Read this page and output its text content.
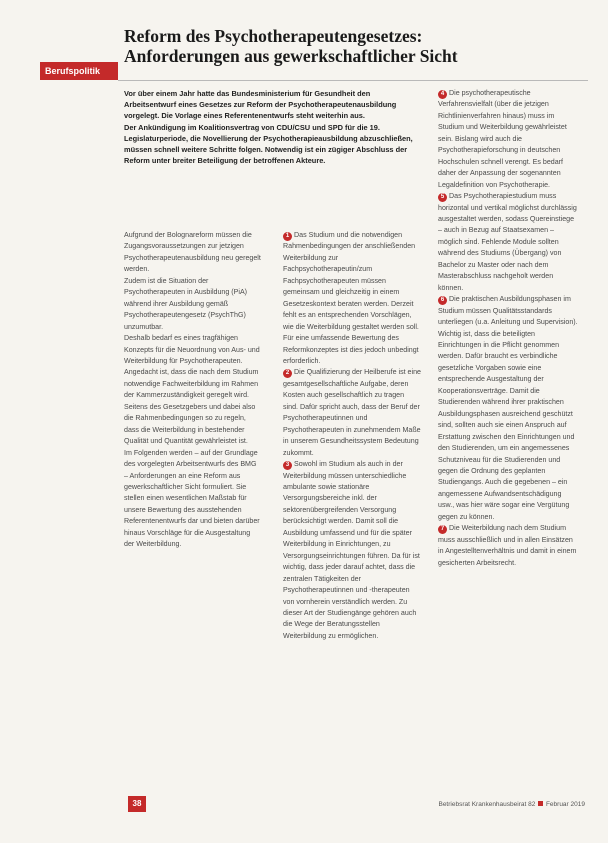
Reform des Psychotherapeutengesetzes:
Anforderungen aus gewerkschaftlicher Sicht
Berufspolitik

Vor über einem Jahr hatte das Bundesministerium für Gesundheit den Arbeitsentwurf eines Gesetzes zur Reform der Psychotherapeutenausbildung vorgelegt. Die Vorlage eines Referentenentwurfs steht weiterhin aus.

Der Ankündigung im Koalitionsvertrag von CDU/CSU und SPD für die 19. Legislaturperiode, die Novellierung der Psychotherapieausbildung abzuschließen, müssen schnell weitere Schritte folgen. Notwendig ist ein zügiger Abschluss der Reform unter breiter Beteiligung der betroffenen Akteure.

Aufgrund der Bolognareform müssen die Zugangsvoraussetzungen zur jetzigen Psychotherapeutenausbildung neu geregelt werden.

Zudem ist die Situation der Psychotherapeuten in Ausbildung (PiA) während ihrer Ausbildung gemäß Psychotherapeutengesetz (PsychThG) unzumutbar.

Deshalb bedarf es eines tragfähigen Konzepts für die Neuordnung von Aus- und Weiterbildung für Psychotherapeuten. Angedacht ist, dass die nach dem Studium notwendige Fachweiterbildung im Rahmen der Kammerzuständigkeit geregelt wird. Seitens des Gesetzgebers und dabei also die Rahmenbedingungen so zu regeln, dass die Weiterbildung in bestehender Qualität und Quantität gewährleistet ist.

Im Folgenden werden – auf der Grundlage des vorgelegten Arbeitsentwurfs des BMG – Anforderungen an eine Reform aus gewerkschaftlicher Sicht formuliert. Sie stellen einen wesentlichen Maßstab für unsere Bewertung des ausstehenden Referentenentwurfs dar und bieten darüber hinaus Vorschläge für die Ausgestaltung der Weiterbildung.

1 Das Studium und die notwendigen Rahmenbedingungen der anschließenden Weiterbildung zur Fachpsychotherapeutin/zum Fachpsychotherapeuten müssen gemeinsam und gleichzeitig in einem Gesetzeskontext beraten werden. Derzeit fehlt es an entsprechenden Vorschlägen, wie die Weiterbildung gestaltet werden soll. Für eine umfassende Bewertung des Reformkonzeptes ist dies jedoch unbedingt erforderlich.

2 Die Qualifizierung der Heilberufe ist eine gesamtgesellschaftliche Aufgabe, deren Kosten auch gesellschaftlich zu tragen sind. Dafür spricht auch, dass der Beruf der Psychotherapeutinnen und Psychotherapeuten in zunehmendem Maße in unserem Gesundheitssystem Bedeutung zukommt.

3 Sowohl im Studium als auch in der Weiterbildung müssen unterschiedliche ambulante sowie stationäre Versorgungsbereiche inkl. der sektorenübergreifenden Versorgung berücksichtigt werden. Damit soll die Ausbildung umfassend und für die später Weiterbildung in Einrichtungen, zu Versorgungseinrichtungen führen. Da für ist wichtig, dass jeder darauf achtet, dass die zentralen Tätigkeiten der Psychotherapeutinnen und -therapeuten von vornherein verständlich werden. Zu dieser Art der Studiengänge gehören auch die Wege der Beratungsstellen Weiterbildung zu ermöglichen.

4 Die psychotherapeutische Verfahrensvielfalt (über die jetzigen Richtlinienverfahren hinaus) muss im Studium und Weiterbildung gewährleistet sein. Bislang wird auch die Psychotherapieforschung in deutschen Hochschulen schnell verengt. Es bedarf daher der Anpassung der sogenannten Legaldefinition von Psychotherapie.

5 Das Psychotherapiestudium muss horizontal und vertikal möglichst durchlässig ausgestaltet werden, sodass Quereinstiege – auch in Bezug auf Staatsexamen – möglich sind. Fehlende Module sollten während des Studiums (Übergang) von Bachelor zu Master oder nach dem Masterabschluss nachgeholt werden können.

6 Die praktischen Ausbildungsphasen im Studium müssen Qualitätsstandards unterliegen (u.a. Anleitung und Supervision). Wichtig ist, dass die beteiligten Einrichtungen in die Pflicht genommen werden. Dafür braucht es verbindliche gesetzliche Vorgaben sowie eine entsprechende Ausgestaltung der Kooperationsverträge. Damit die Studierenden während ihrer praktischen Ausbildungsphasen ausreichend geschützt sind, sollten auch sie einen Anspruch auf Erstattung zwischen den Einrichtungen und den Studierenden, um ein angemessenes Schutzniveau für die Studierenden und gegen die Ordnung des geplanten Studiengangs. Auch die gegebenen – ein angemessene Aufwandsentschädigung usw., was hier wäre sogar eine Vergütung gegen zu können.

7 Die Weiterbildung nach dem Studium muss ausschließlich und in allen Einsätzen in Angestelltenverhältnis und damit in einem gesicherten Arbeitsrecht.

38	Betriebsrat Krankenhausbeirat 82 Februar 2019
